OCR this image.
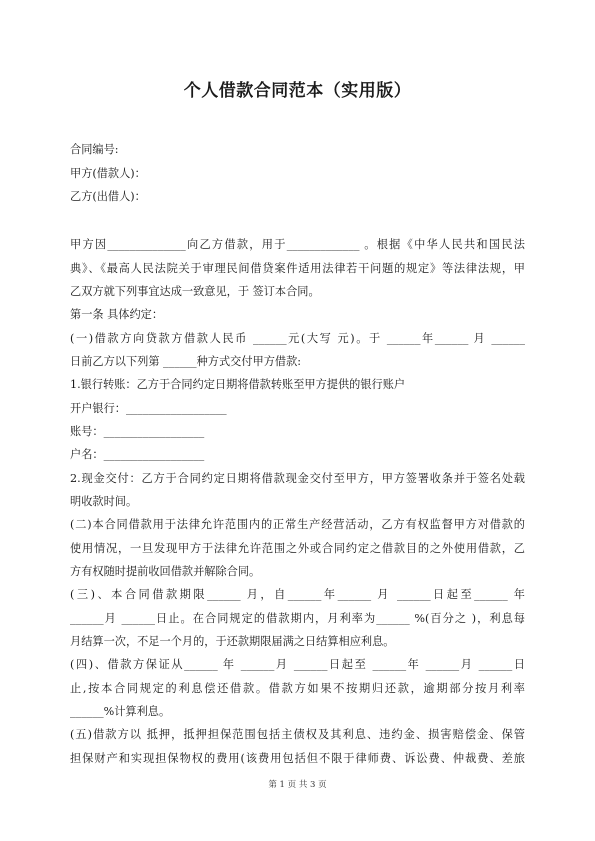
个人借款合同范本（实用版）
合同编号:
甲方(借款人)：
乙方(出借人)：
甲方因______________向乙方借款，用于_____________ 。根据《中华人民共和国民法
典》、《最高人民法院关于审理民间借贷案件适用法律若干问题的规定》等法律法规，甲
乙双方就下列事宜达成一致意见，于 签订本合同。
第一条 具体约定：
(一)借款方向贷款方借款人民币 ______元(大写 元)。于 ______年______ 月 ______
日前乙方以下列第 ______种方式交付甲方借款:
1.银行转账：乙方于合同约定日期将借款转账至甲方提供的银行账户
开户银行：__________________
账号：__________________
户名：__________________
2.现金交付：乙方于合同约定日期将借款现金交付至甲方，甲方签署收条并于签名处载
明收款时间。
(二)本合同借款用于法律允许范围内的正常生产经营活动，乙方有权监督甲方对借款的
使用情况，一旦发现甲方于法律允许范围之外或合同约定之借款目的之外使用借款，乙
方有权随时提前收回借款并解除合同。
(三)、本合同借款期限______ 月，自______年______ 月 ______日起至______ 年
______月 ______日止。在合同规定的借款期内，月利率为______ %(百分之 )，利息每
月结算一次，不足一个月的，于还款期限届满之日结算相应利息。
(四)、借款方保证从______ 年 ______月 ______日起至 ______年 ______月 ______日
止,按本合同规定的利息偿还借款。借款方如果不按期归还款，逾期部分按月利率
______%计算利息。
(五)借款方以 抵押，抵押担保范围包括主债权及其利息、违约金、损害赔偿金、保管
担保财产和实现担保物权的费用(该费用包括但不限于律师费、诉讼费、仲裁费、差旅
第 1 页 共 3 页
